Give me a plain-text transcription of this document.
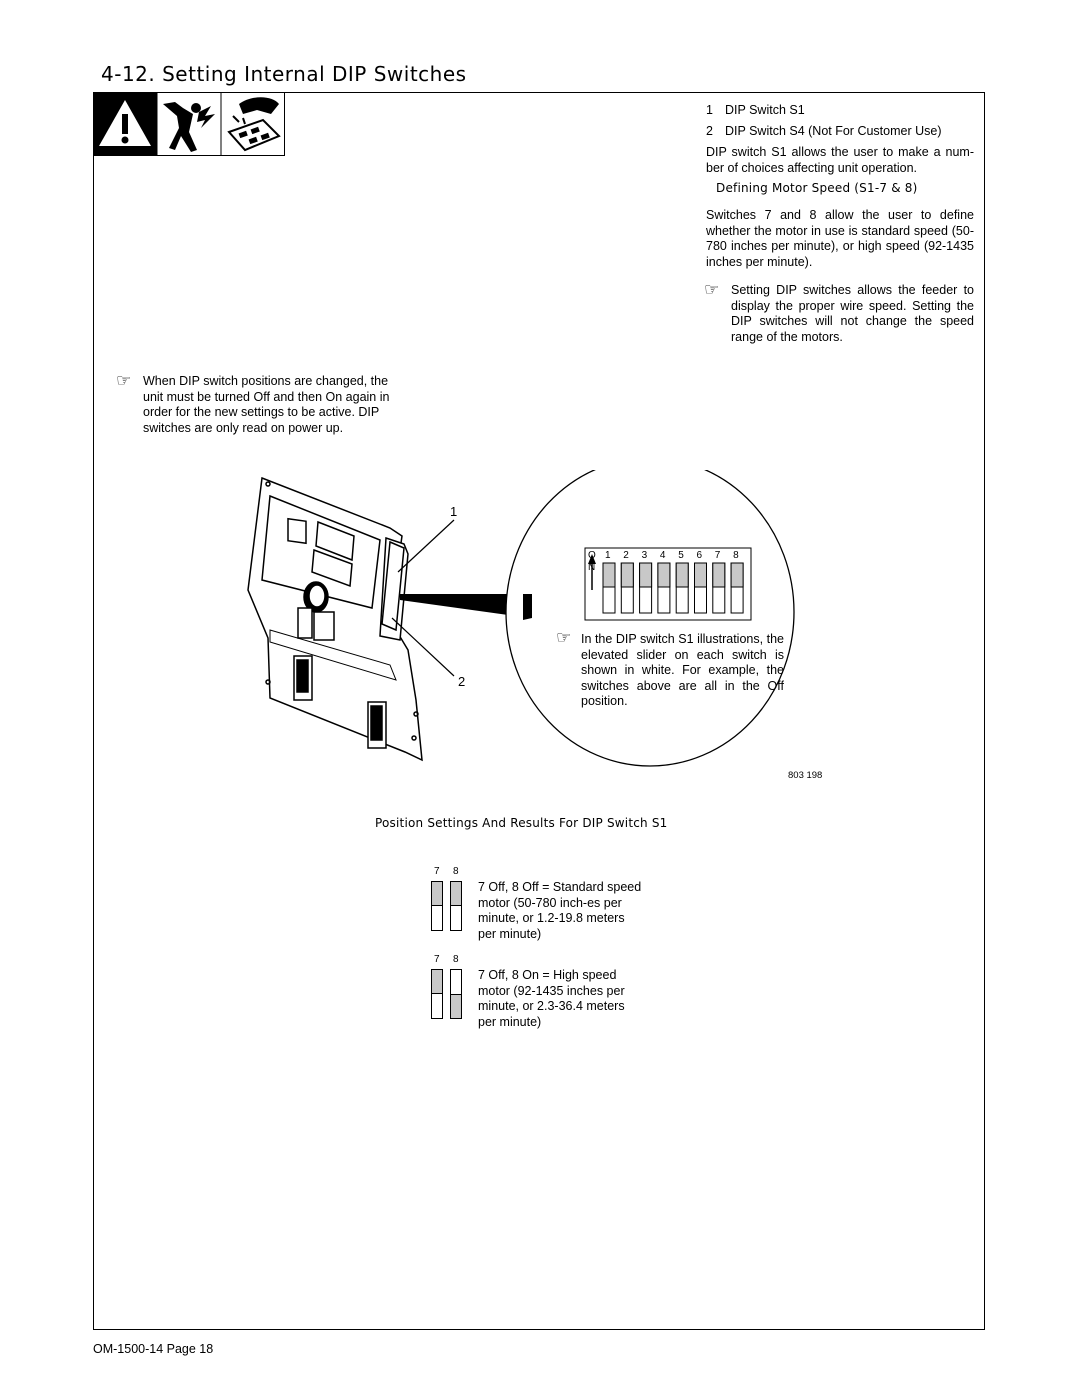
4-12. Setting Internal DIP Switches
1 DIP Switch S1
2 DIP Switch S4 (Not For Customer Use)
DIP switch S1 allows the user to make a num-ber of choices affecting unit operation.
Defining Motor Speed (S1-7 & 8)
Switches 7 and 8 allow the user to define whether the motor in use is standard speed (50-780 inches per minute), or high speed (92-1435 inches per minute).
☞ Setting DIP switches allows the feeder to display the proper wire speed. Setting the DIP switches will not change the speed range of the motors.
☞ When DIP switch positions are changed, the unit must be turned Off and then On again in order for the new settings to be active. DIP switches are only read on power up.
1
2
O
N
1 2 3 4 5 6 7 8
☞ In the DIP switch S1 illustrations, the elevated slider on each switch is shown in white. For example, the switches above are all in the Off position.
803 198
Position Settings And Results For DIP Switch S1
7 8
7 Off, 8 Off = Standard speed motor (50-780 inch-es per minute, or 1.2-19.8 meters per minute)
7 8
7 Off, 8 On = High speed motor (92-1435 inches per minute, or 2.3-36.4 meters per minute)
OM-1500-14 Page 18
